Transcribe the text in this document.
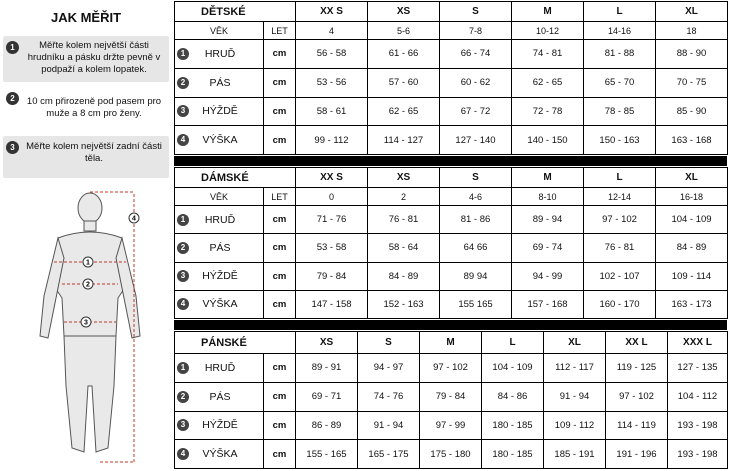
JAK MĚŘIT
1	Měřte kolem největší části hrudníku a pásku držte pevně v podpaží a kolem lopatek.
2	10 cm přirozeně pod pasem pro muže a 8 cm pro ženy.
3	Měřte kolem největší zadní části těla.
1
2
3
4
DĚTSKÉ		XX S	XS	S	M	L	XL
VĚK	LET	4	5-6	7-8	10-12	14-16	18
1 HRUĎ	cm	56 - 58	61 - 66	66 - 74	74 - 81	81 - 88	88 - 90
2 PÁS	cm	53 - 56	57 - 60	60 - 62	62 - 65	65 - 70	70 - 75
3 HÝŽDĚ	cm	58 - 61	62 - 65	67 - 72	72 - 78	78 - 85	85 - 90
4 VÝŠKA	cm	99 - 112	114 - 127	127 - 140	140 - 150	150 - 163	163 - 168
DÁMSKÉ		XX S	XS	S	M	L	XL
VĚK	LET	0	2	4-6	8-10	12-14	16-18
1 HRUĎ	cm	71 - 76	76 - 81	81 - 86	89 - 94	97 - 102	104 - 109
2 PÁS	cm	53 - 58	58 - 64	64 66	69 - 74	76 - 81	84 - 89
3 HÝŽDĚ	cm	79 - 84	84 - 89	89 94	94 - 99	102 - 107	109 - 114
4 VÝŠKA	cm	147 - 158	152 - 163	155 165	157 - 168	160 - 170	163 - 173
PÁNSKÉ		XS	S	M	L	XL	XX L	XXX L
1 HRUĎ	cm	89 - 91	94 - 97	97 - 102	104 - 109	112 - 117	119 - 125	127 - 135
2 PÁS	cm	69 - 71	74 - 76	79 - 84	84 - 86	91 - 94	97 - 102	104 - 112
3 HÝŽDĚ	cm	86 - 89	91 - 94	97 - 99	180 - 185	109 - 112	114 - 119	193 - 198
4 VÝŠKA	cm	155 - 165	165 - 175	175 - 180	180 - 185	185 - 191	191 - 196	193 - 198
